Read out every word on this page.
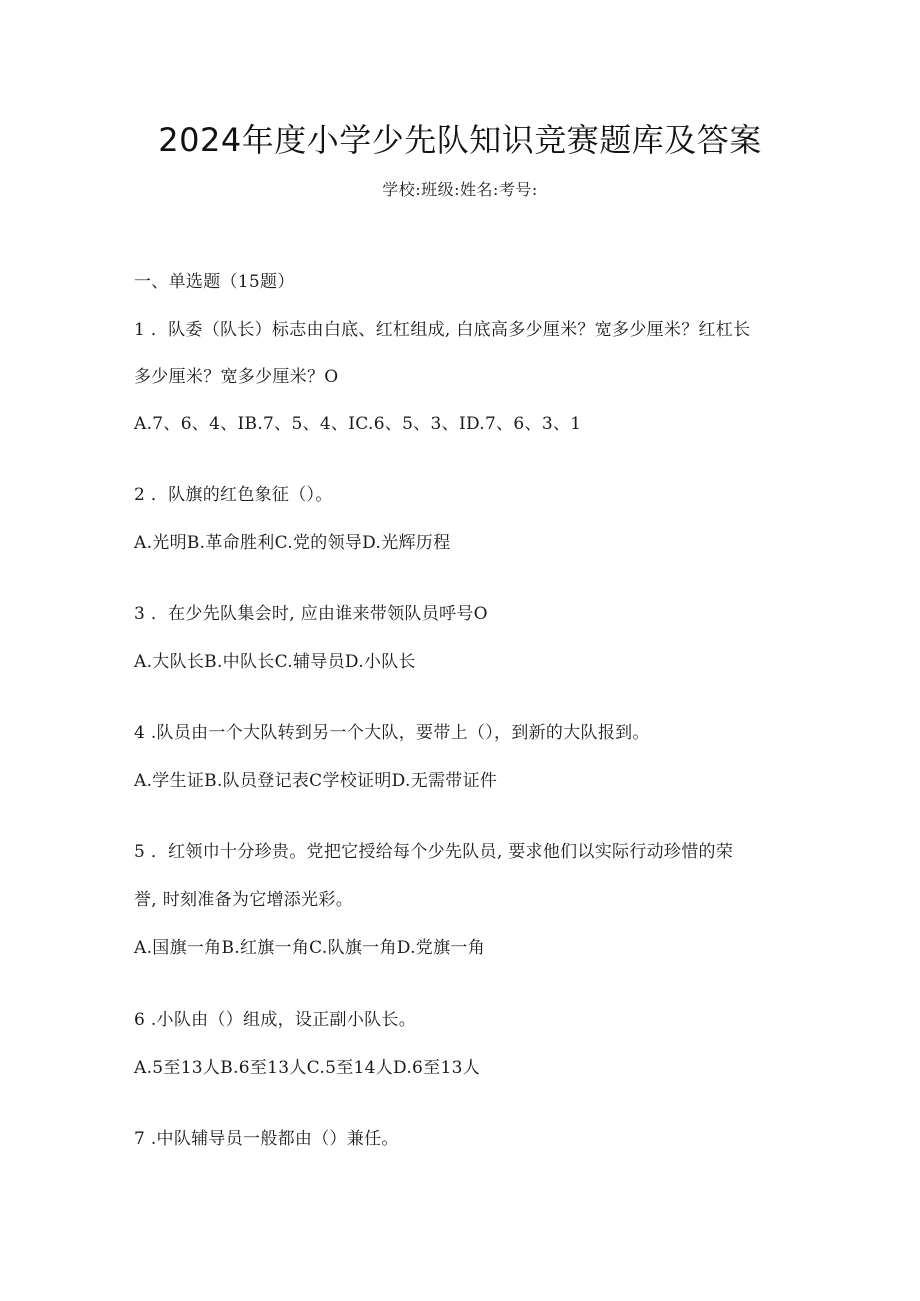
2024年度小学少先队知识竞赛题库及答案
学校:班级:姓名:考号:
一、单选题（15题）
1 ．队委（队长）标志由白底、红杠组成, 白底高多少厘米？宽多少厘米？红杠长
多少厘米？宽多少厘米？O
A.7、6、4、IB.7、5、4、IC.6、5、3、ID.7、6、3、1
2 ．队旗的红色象征（）。
A.光明B.革命胜利C.党的领导D.光辉历程
3 ．在少先队集会时, 应由谁来带领队员呼号O
A.大队长B.中队长C.辅导员D.小队长
4 .队员由一个大队转到另一个大队，要带上（），到新的大队报到。
A.学生证B.队员登记表C学校证明D.无需带证件
5 ．红领巾十分珍贵。党把它授给每个少先队员, 要求他们以实际行动珍惜的荣
誉, 时刻准备为它增添光彩。
A.国旗一角B.红旗一角C.队旗一角D.党旗一角
6 .小队由（）组成，设正副小队长。
A.5至13人B.6至13人C.5至14人D.6至13人
7 .中队辅导员一般都由（）兼任。
